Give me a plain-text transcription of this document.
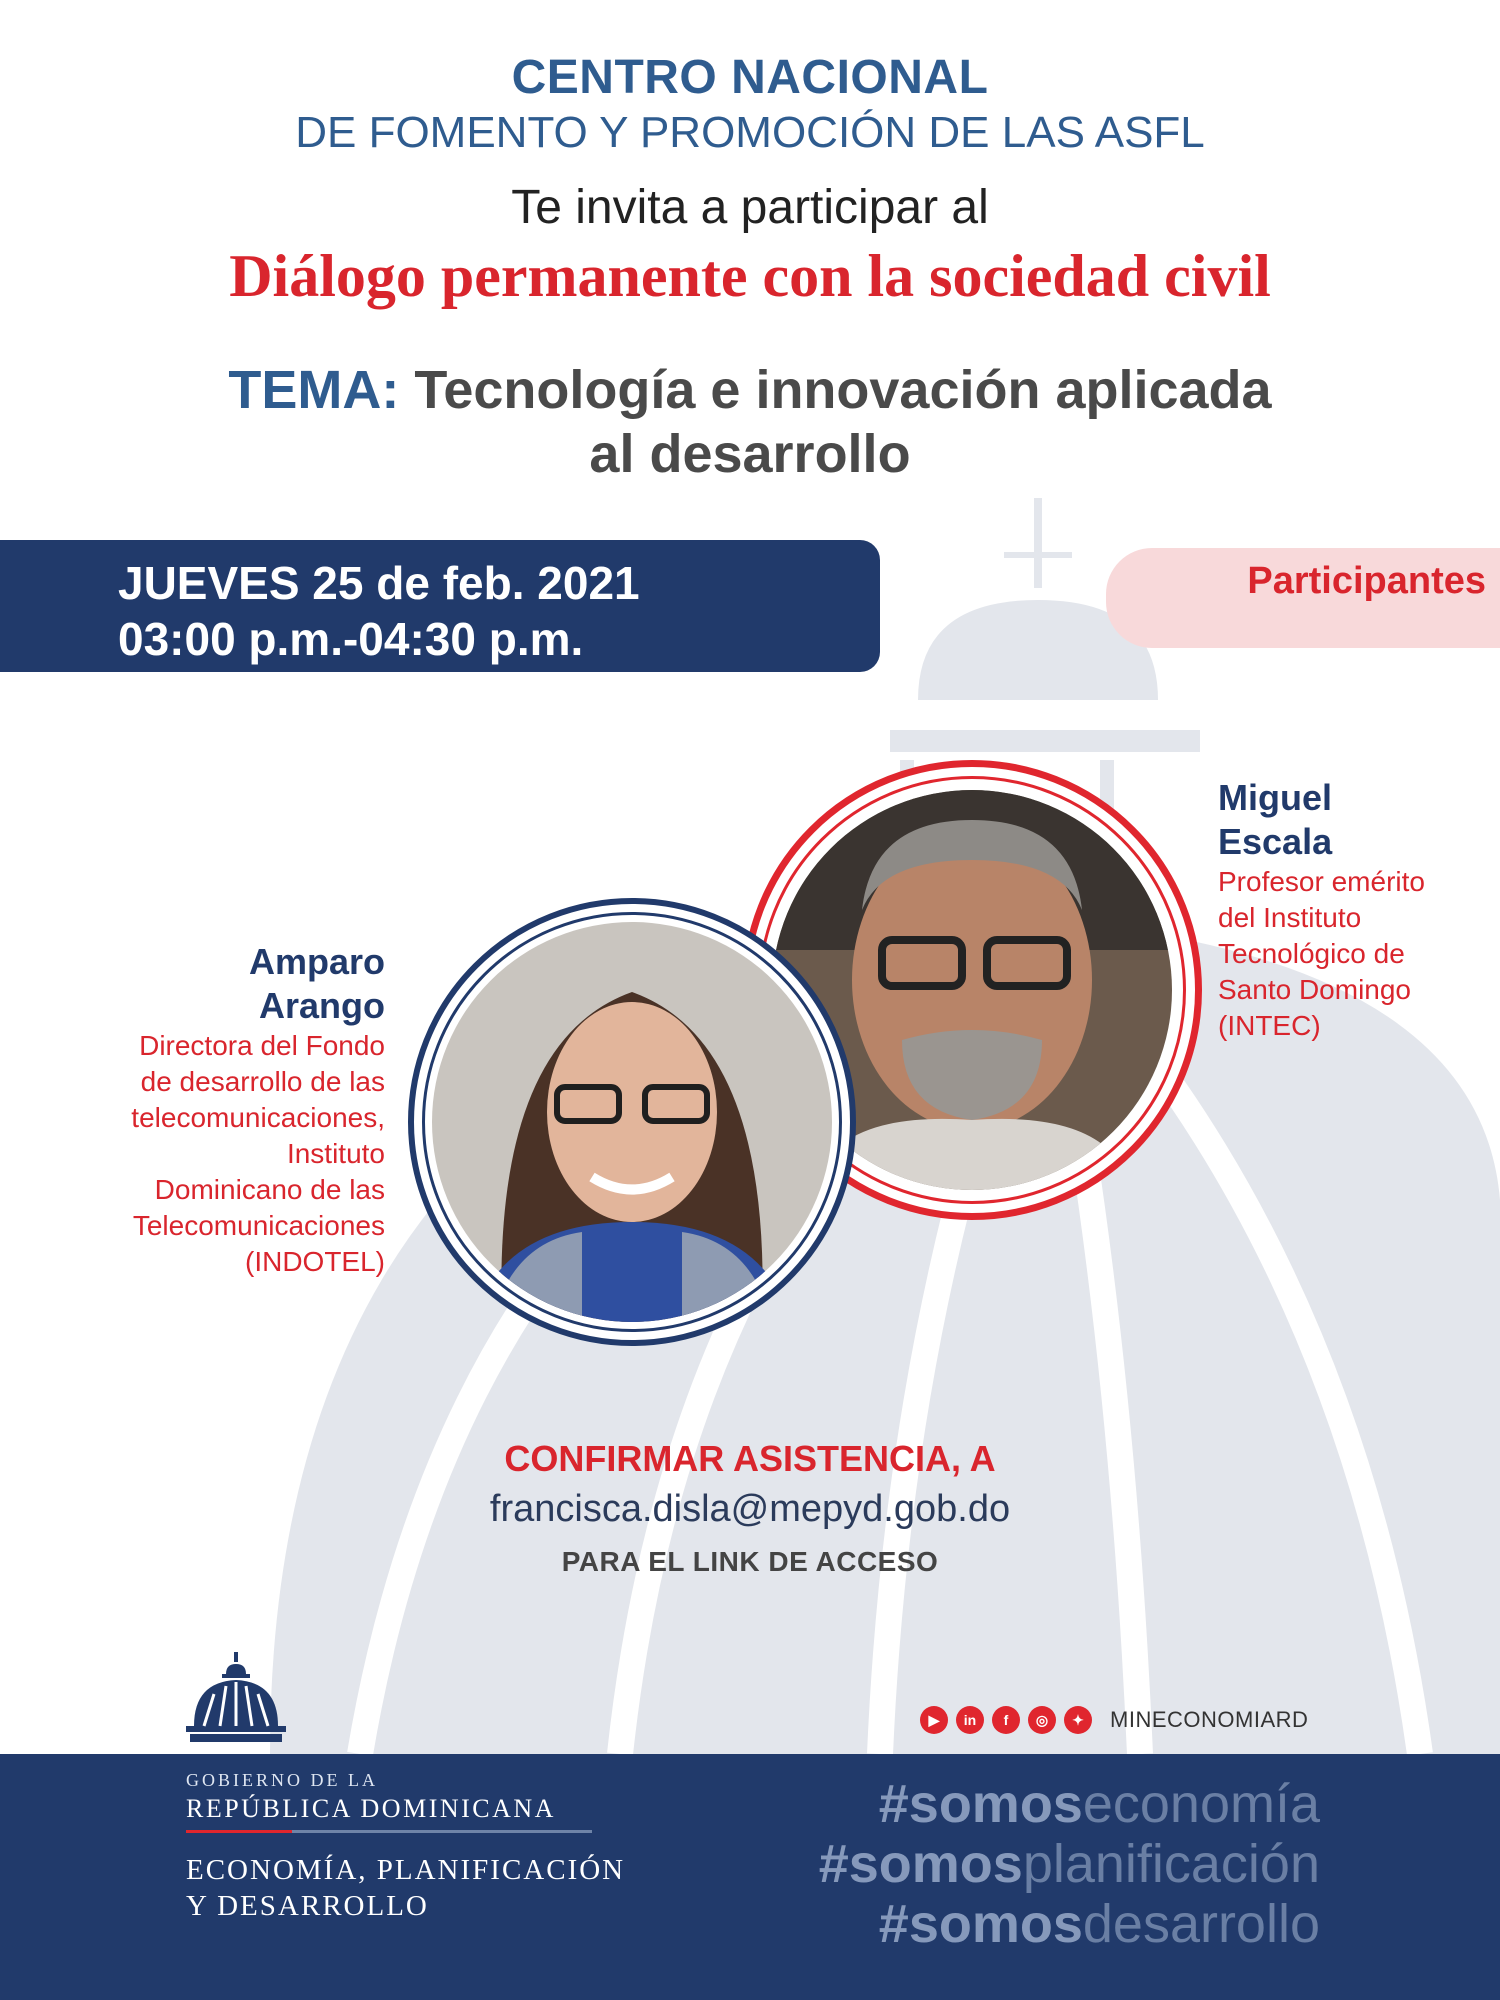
CENTRO NACIONAL
DE FOMENTO Y PROMOCIÓN DE LAS ASFL
Te invita a participar al
Diálogo permanente con la sociedad civil
TEMA: Tecnología e innovación aplicada
al desarrollo
JUEVES 25 de feb. 2021
03:00 p.m.-04:30 p.m.
Participantes
Miguel
Escala
Profesor emérito
del Instituto
Tecnológico de
Santo Domingo
(INTEC)
Amparo
Arango
Directora del Fondo
de desarrollo de las
telecomunicaciones,
Instituto
Dominicano de las
Telecomunicaciones
(INDOTEL)
CONFIRMAR ASISTENCIA, A
francisca.disla@mepyd.gob.do
PARA EL LINK DE ACCESO
▶	in	f	◎	✦	MINECONOMIARD
GOBIERNO DE LA
REPÚBLICA DOMINICANA
ECONOMÍA, PLANIFICACIÓN
Y DESARROLLO
#somoseconomía
#somosplanificación
#somosdesarrollo
